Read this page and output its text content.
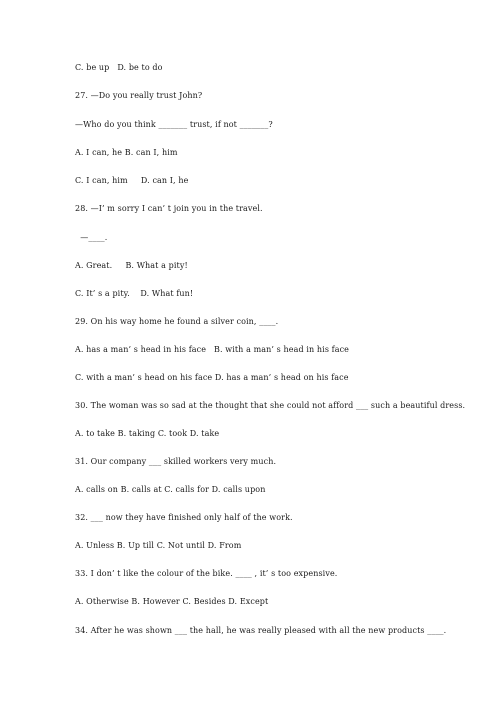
C. be up   D. be to do
27. —Do you really trust John?
—Who do you think _______ trust, if not _______?
A. I can, he B. can I, him
C. I can, him     D. can I, he
28. —I’ m sorry I can’ t join you in the travel.
—____.
A. Great.     B. What a pity!
C. It’ s a pity.    D. What fun!
29. On his way home he found a silver coin, ____.
A. has a man’ s head in his face   B. with a man’ s head in his face
C. with a man’ s head on his face D. has a man’ s head on his face
30. The woman was so sad at the thought that she could not afford ___ such a beautiful dress.
A. to take B. taking C. took D. take
31. Our company ___ skilled workers very much.
A. calls on B. calls at C. calls for D. calls upon
32. ___ now they have finished only half of the work.
A. Unless B. Up till C. Not until D. From
33. I don’ t like the colour of the bike. ____ , it’ s too expensive.
A. Otherwise B. However C. Besides D. Except
34. After he was shown ___ the hall, he was really pleased with all the new products ____.
